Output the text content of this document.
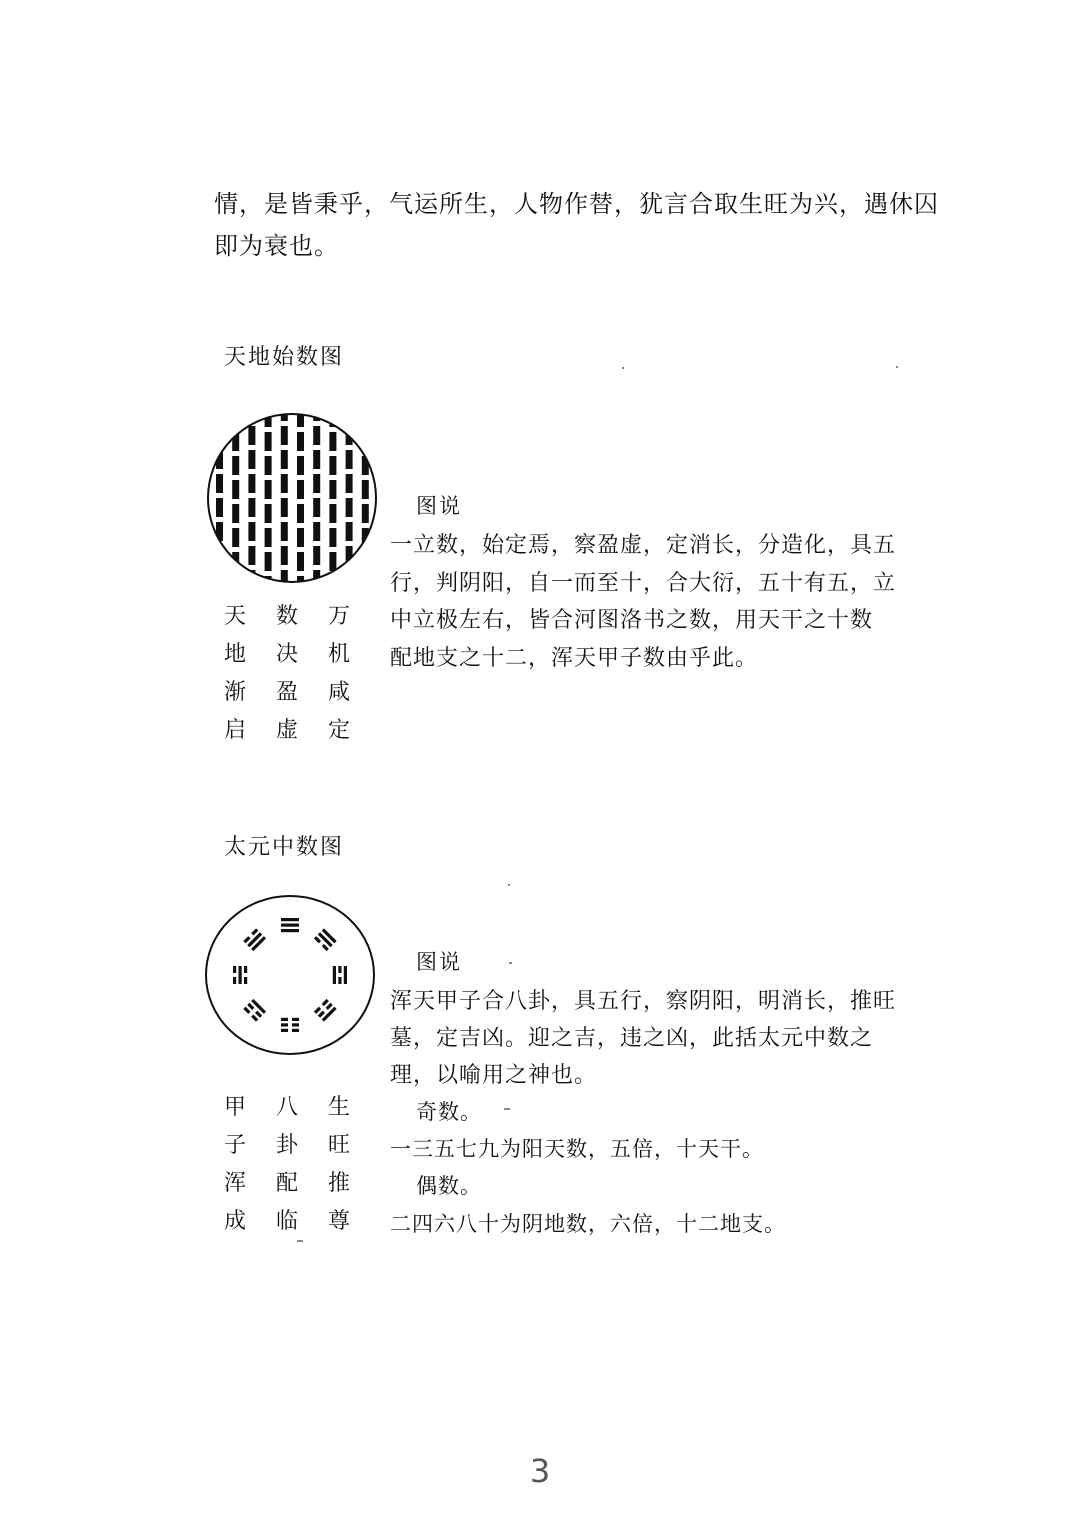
情，是皆秉乎，气运所生，人物作替，犹言合取生旺为兴，遇休囚
即为衰也。
天地始数图
图说
一立数，始定焉，察盈虚，定消长，分造化，具五
行，判阴阳，自一而至十，合大衍，五十有五，立
中立极左右，皆合河图洛书之数，用天干之十数
配地支之十二，浑天甲子数由乎此。
天	数	万
地	决	机
渐	盈	咸
启	虚	定
太元中数图
图说
浑天甲子合八卦，具五行，察阴阳，明消长，推旺
墓，定吉凶。迎之吉，违之凶，此括太元中数之
理，以喻用之神也。
甲	八	生
子	卦	旺
浑	配	推
成	临	尊
奇数。
一三五七九为阳天数，五倍，十天干。
偶数。
二四六八十为阴地数，六倍，十二地支。
3
